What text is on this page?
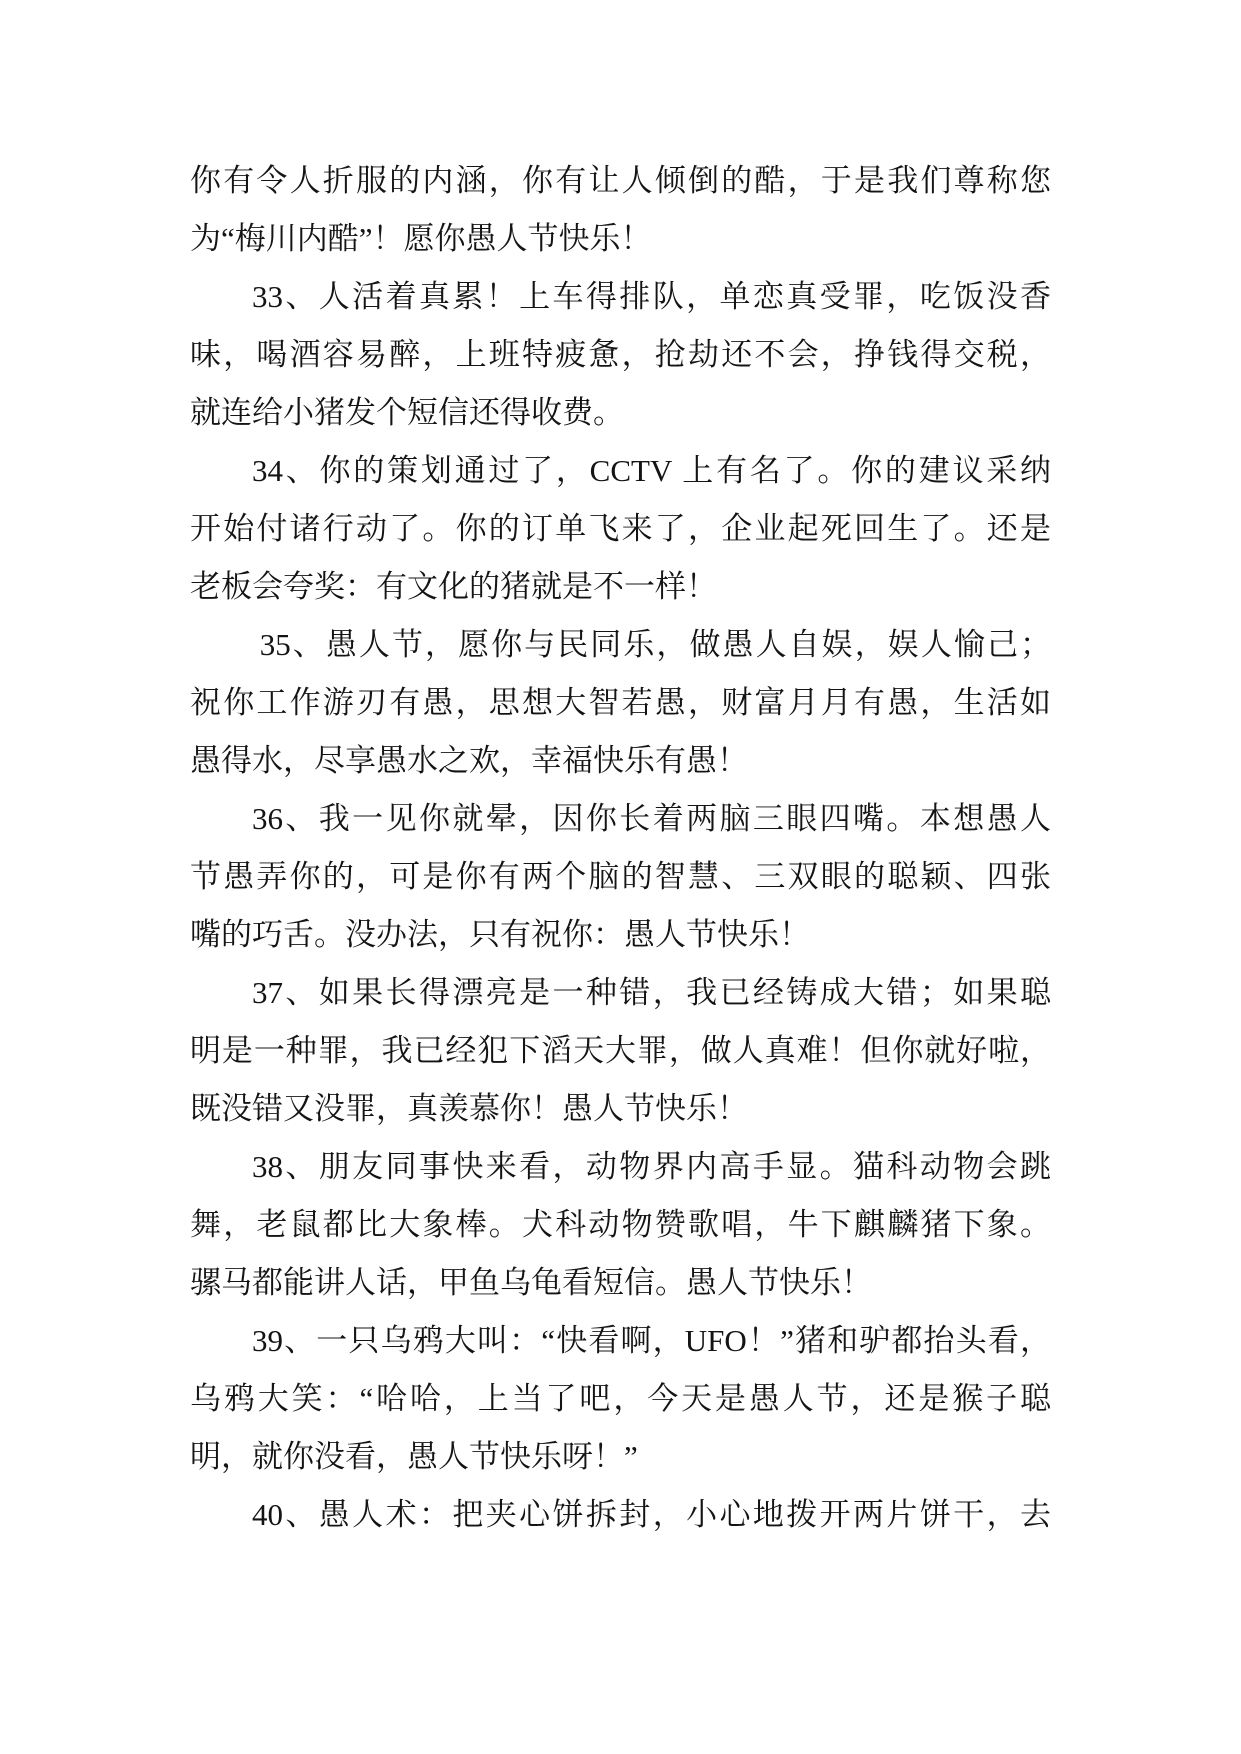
你有令人折服的内涵，你有让人倾倒的酷，于是我们尊称您
为“梅川内酷”！愿你愚人节快乐！
33、人活着真累！上车得排队，单恋真受罪，吃饭没香
味，喝酒容易醉，上班特疲惫，抢劫还不会，挣钱得交税，
就连给小猪发个短信还得收费。
34、你的策划通过了，CCTV 上有名了。你的建议采纳
开始付诸行动了。你的订单飞来了，企业起死回生了。还是
老板会夸奖：有文化的猪就是不一样！
35、愚人节，愿你与民同乐，做愚人自娱，娱人愉己；
祝你工作游刃有愚，思想大智若愚，财富月月有愚，生活如
愚得水，尽享愚水之欢，幸福快乐有愚！
36、我一见你就晕，因你长着两脑三眼四嘴。本想愚人
节愚弄你的，可是你有两个脑的智慧、三双眼的聪颖、四张
嘴的巧舌。没办法，只有祝你：愚人节快乐！
37、如果长得漂亮是一种错，我已经铸成大错；如果聪
明是一种罪，我已经犯下滔天大罪，做人真难！但你就好啦，
既没错又没罪，真羡慕你！愚人节快乐！
38、朋友同事快来看，动物界内高手显。猫科动物会跳
舞，老鼠都比大象棒。犬科动物赞歌唱，牛下麒麟猪下象。
骡马都能讲人话，甲鱼乌龟看短信。愚人节快乐！
39、一只乌鸦大叫：“快看啊，UFO！”猪和驴都抬头看，
乌鸦大笑：“哈哈，上当了吧，今天是愚人节，还是猴子聪
明，就你没看，愚人节快乐呀！”
40、愚人术：把夹心饼拆封，小心地拨开两片饼干，去
